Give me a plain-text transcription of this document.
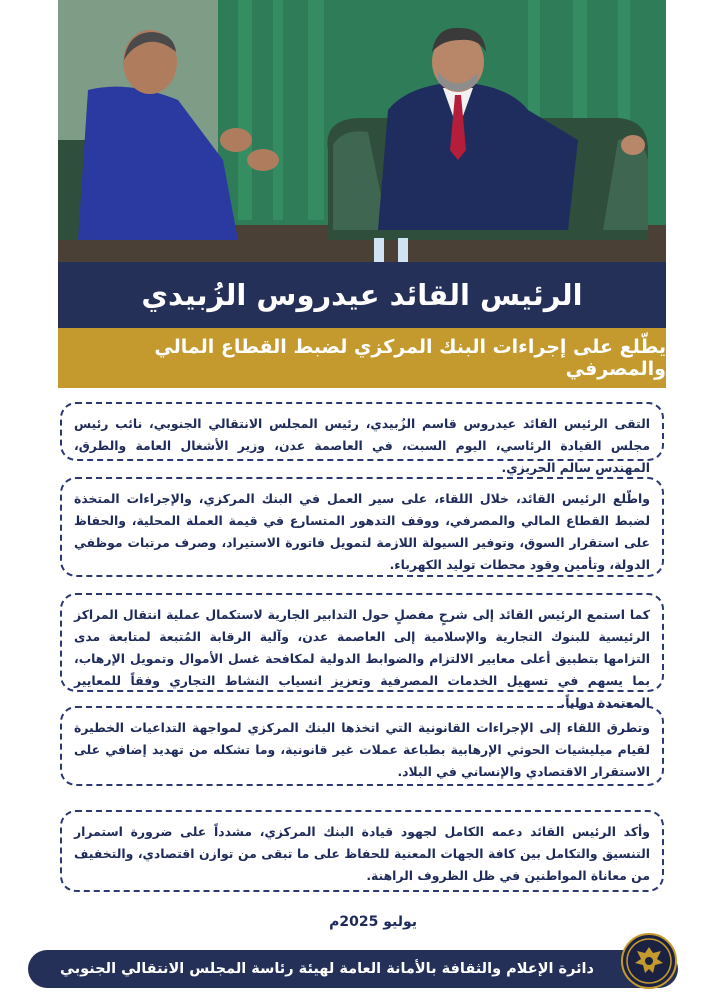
الرئيس القائد عيدروس الزُبيدي
يطّلع على إجراءات البنك المركزي لضبط القطاع المالي والمصرفي
التقى الرئيس القائد عيدروس قاسم الزُبيدي، رئيس المجلس الانتقالي الجنوبي، نائب رئيس مجلس القيادة الرئاسي، اليوم السبت، في العاصمة عدن، وزير الأشغال العامة والطرق، المهندس سالم الحريزي.
واطّلع الرئيس القائد، خلال اللقاء، على سير العمل في البنك المركزي، والإجراءات المتخذة لضبط القطاع المالي والمصرفي، ووقف التدهور المتسارع في قيمة العملة المحلية، والحفاظ على استقرار السوق، وتوفير السيولة اللازمة لتمويل فاتورة الاستيراد، وصرف مرتبات موظفي الدولة، وتأمين وقود محطات توليد الكهرباء.
كما استمع الرئيس القائد إلى شرحٍ مفصلٍ حول التدابير الجارية لاستكمال عملية انتقال المراكز الرئيسية للبنوك التجارية والإسلامية إلى العاصمة عدن، وآلية الرقابة المُتبعة لمتابعة مدى التزامها بتطبيق أعلى معايير الالتزام والضوابط الدولية لمكافحة غسل الأموال وتمويل الإرهاب، بما يسهم في تسهيل الخدمات المصرفية وتعزيز انسياب النشاط التجاري وفقاً للمعايير المعتمدة دولياً.
وتطرق اللقاء إلى الإجراءات القانونية التي اتخذها البنك المركزي لمواجهة التداعيات الخطيرة لقيام ميليشيات الحوثي الإرهابية بطباعة عملات غير قانونية، وما تشكله من تهديد إضافي على الاستقرار الاقتصادي والإنساني في البلاد.
وأكد الرئيس القائد دعمه الكامل لجهود قيادة البنك المركزي، مشدداً على ضرورة استمرار التنسيق والتكامل بين كافة الجهات المعنية للحفاظ على ما تبقى من توازن اقتصادي، والتخفيف من معاناة المواطنين في ظل الظروف الراهنة.
يوليو 2025م
دائرة الإعلام والثقافة بالأمانة العامة لهيئة رئاسة المجلس الانتقالي الجنوبي
